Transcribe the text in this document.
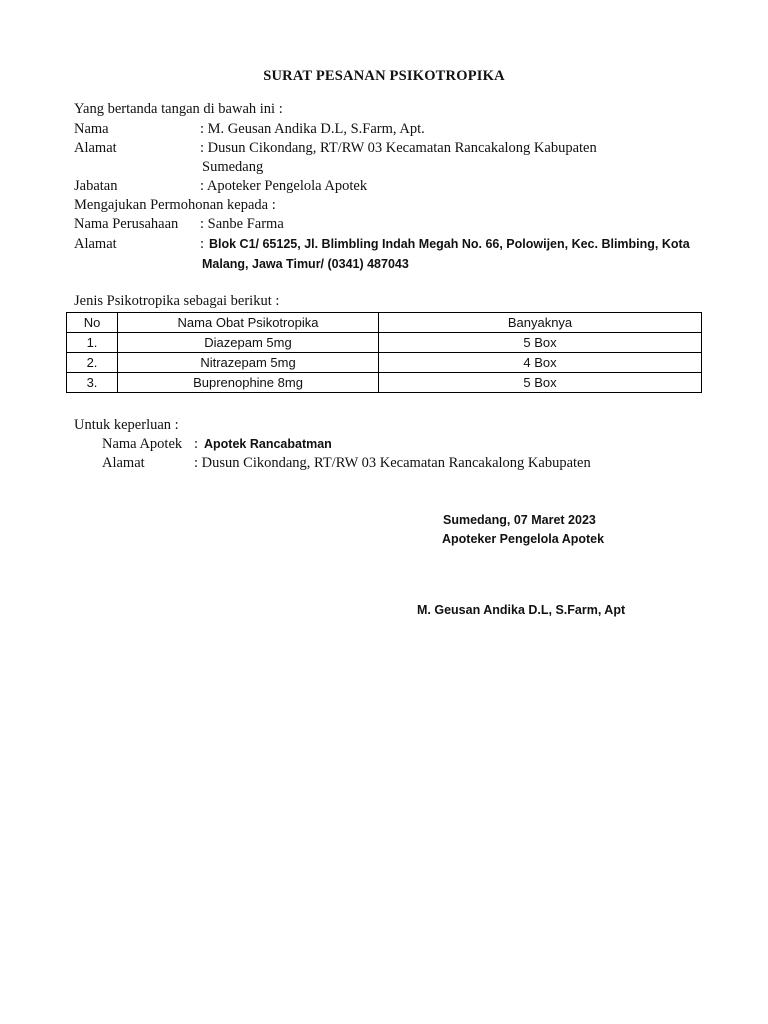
SURAT PESANAN PSIKOTROPIKA
Yang bertanda tangan di bawah ini :
Nama	: M. Geusan Andika D.L, S.Farm, Apt.
Alamat	: Dusun Cikondang, RT/RW 03 Kecamatan Rancakalong Kabupaten
Sumedang
Jabatan	: Apoteker Pengelola Apotek
Mengajukan Permohonan kepada :
Nama Perusahaan : Sanbe Farma
Alamat	: Blok C1/ 65125, Jl. Blimbling Indah Megah No. 66, Polowijen, Kec. Blimbing, Kota
Malang, Jawa Timur/ (0341) 487043
Jenis Psikotropika sebagai berikut :
No	Nama Obat Psikotropika	Banyaknya
1.	Diazepam 5mg	5 Box
2.	Nitrazepam 5mg	4 Box
3.	Buprenophine 8mg	5 Box
Untuk keperluan :
Nama Apotek : Apotek Rancabatman
Alamat	: Dusun Cikondang, RT/RW 03 Kecamatan Rancakalong Kabupaten
Sumedang, 07 Maret 2023
Apoteker Pengelola Apotek
M. Geusan Andika D.L, S.Farm, Apt
